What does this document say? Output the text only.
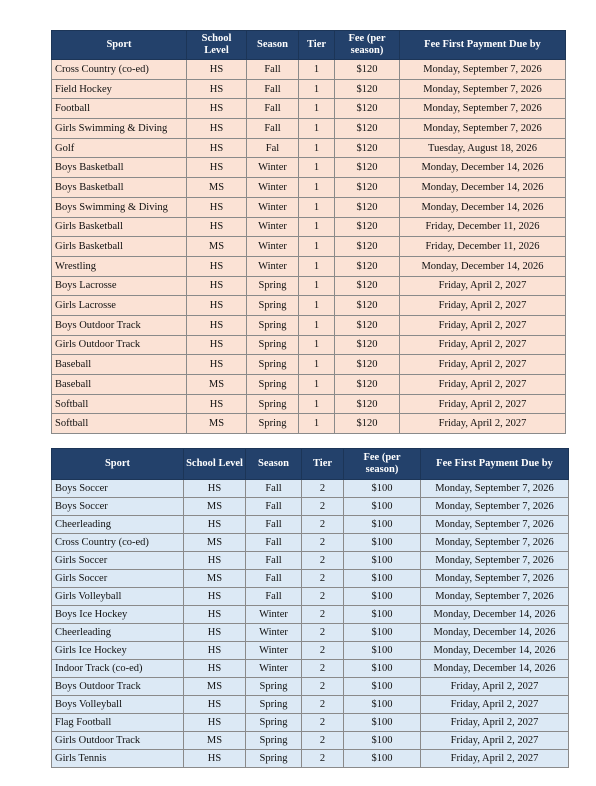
Sport	School Level	Season	Tier	Fee (per season)	Fee First Payment Due by
Cross Country (co-ed)	HS	Fall	1	$120	Monday, September 7, 2026
Field Hockey	HS	Fall	1	$120	Monday, September 7, 2026
Football	HS	Fall	1	$120	Monday, September 7, 2026
Girls Swimming & Diving	HS	Fall	1	$120	Monday, September 7, 2026
Golf	HS	Fal	1	$120	Tuesday, August 18, 2026
Boys Basketball	HS	Winter	1	$120	Monday, December 14, 2026
Boys Basketball	MS	Winter	1	$120	Monday, December 14, 2026
Boys Swimming & Diving	HS	Winter	1	$120	Monday, December 14, 2026
Girls Basketball	HS	Winter	1	$120	Friday, December 11, 2026
Girls Basketball	MS	Winter	1	$120	Friday, December 11, 2026
Wrestling	HS	Winter	1	$120	Monday, December 14, 2026
Boys Lacrosse	HS	Spring	1	$120	Friday, April 2, 2027
Girls Lacrosse	HS	Spring	1	$120	Friday, April 2, 2027
Boys Outdoor Track	HS	Spring	1	$120	Friday, April 2, 2027
Girls Outdoor Track	HS	Spring	1	$120	Friday, April 2, 2027
Baseball	HS	Spring	1	$120	Friday, April 2, 2027
Baseball	MS	Spring	1	$120	Friday, April 2, 2027
Softball	HS	Spring	1	$120	Friday, April 2, 2027
Softball	MS	Spring	1	$120	Friday, April 2, 2027
Sport	School Level	Season	Tier	Fee (per season)	Fee First Payment Due by
Boys Soccer	HS	Fall	2	$100	Monday, September 7, 2026
Boys Soccer	MS	Fall	2	$100	Monday, September 7, 2026
Cheerleading	HS	Fall	2	$100	Monday, September 7, 2026
Cross Country (co-ed)	MS	Fall	2	$100	Monday, September 7, 2026
Girls Soccer	HS	Fall	2	$100	Monday, September 7, 2026
Girls Soccer	MS	Fall	2	$100	Monday, September 7, 2026
Girls Volleyball	HS	Fall	2	$100	Monday, September 7, 2026
Boys Ice Hockey	HS	Winter	2	$100	Monday, December 14, 2026
Cheerleading	HS	Winter	2	$100	Monday, December 14, 2026
Girls Ice Hockey	HS	Winter	2	$100	Monday, December 14, 2026
Indoor Track (co-ed)	HS	Winter	2	$100	Monday, December 14, 2026
Boys Outdoor Track	MS	Spring	2	$100	Friday, April 2, 2027
Boys Volleyball	HS	Spring	2	$100	Friday, April 2, 2027
Flag Football	HS	Spring	2	$100	Friday, April 2, 2027
Girls Outdoor Track	MS	Spring	2	$100	Friday, April 2, 2027
Girls Tennis	HS	Spring	2	$100	Friday, April 2, 2027
